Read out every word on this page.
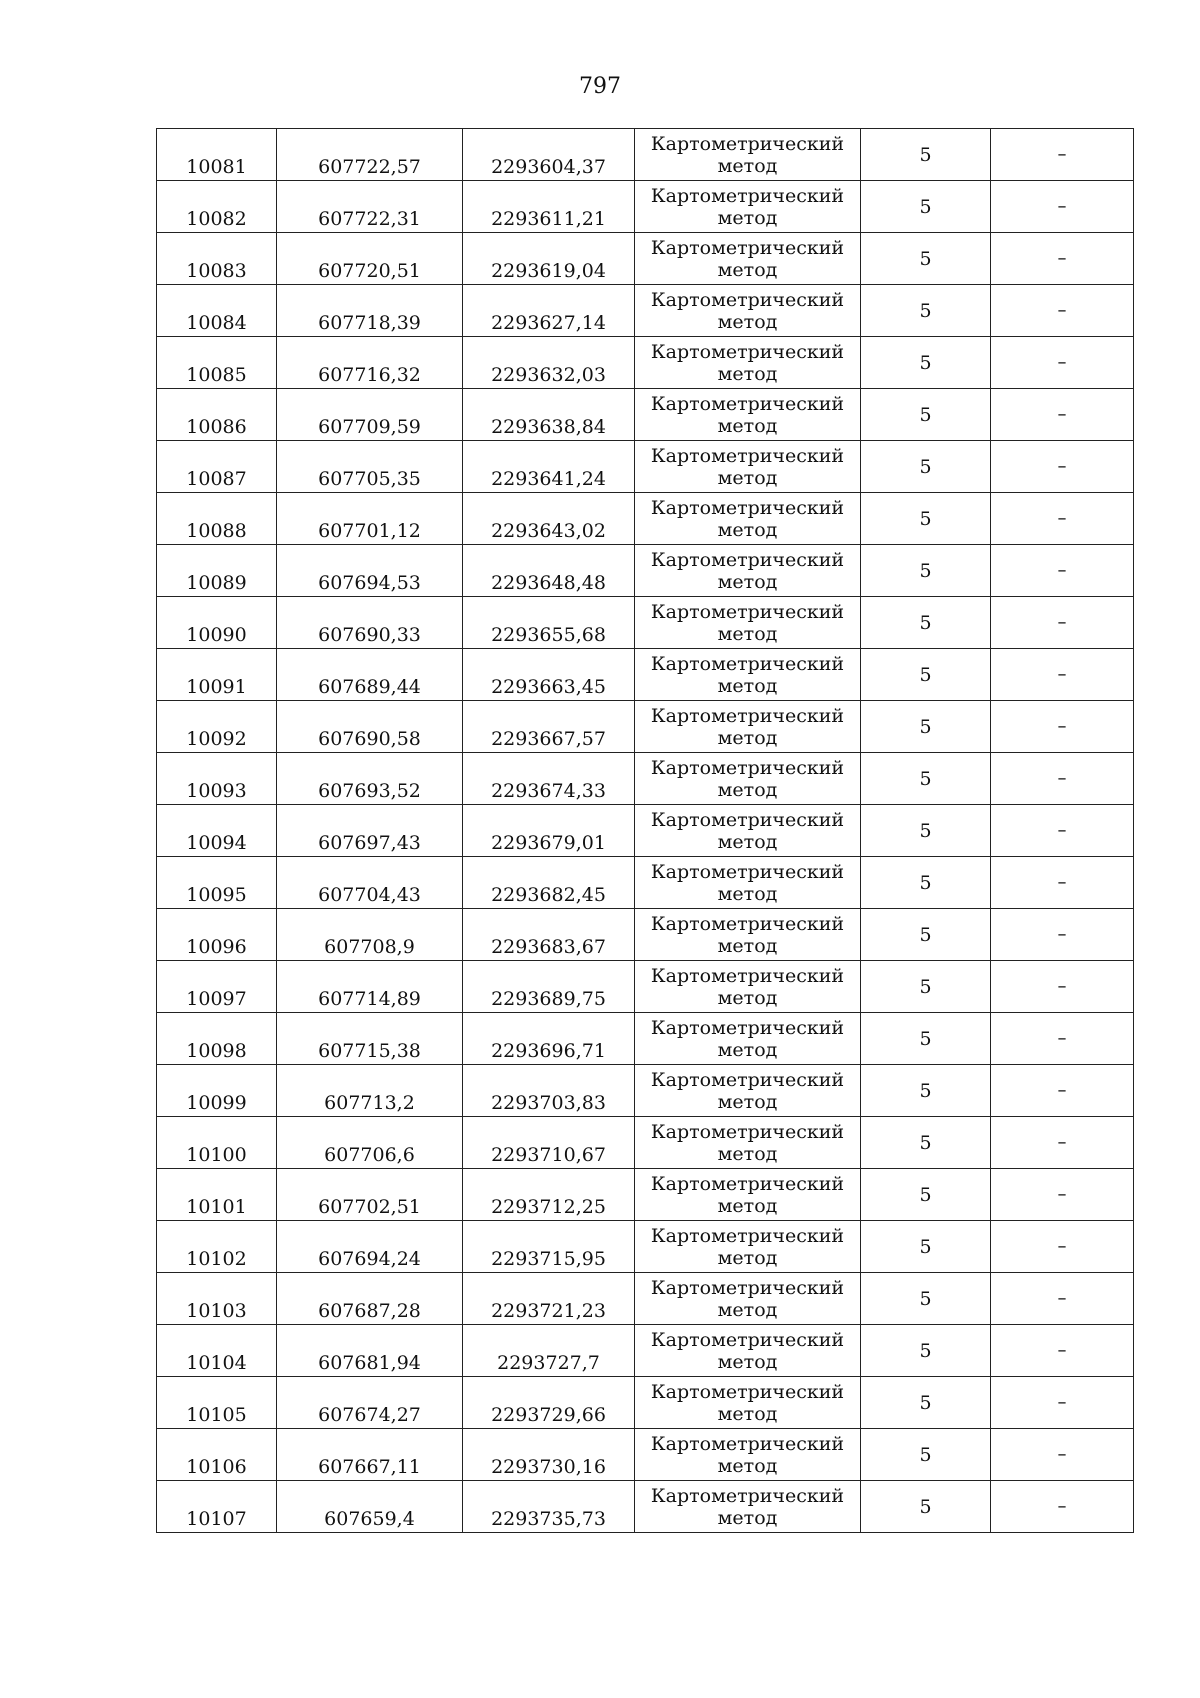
797
10081	607722,57	2293604,37	Картометрический
метод	5	–

10082	607722,31	2293611,21	Картометрический
метод	5	–

10083	607720,51	2293619,04	Картометрический
метод	5	–

10084	607718,39	2293627,14	Картометрический
метод	5	–

10085	607716,32	2293632,03	Картометрический
метод	5	–

10086	607709,59	2293638,84	Картометрический
метод	5	–

10087	607705,35	2293641,24	Картометрический
метод	5	–

10088	607701,12	2293643,02	Картометрический
метод	5	–

10089	607694,53	2293648,48	Картометрический
метод	5	–

10090	607690,33	2293655,68	Картометрический
метод	5	–

10091	607689,44	2293663,45	Картометрический
метод	5	–

10092	607690,58	2293667,57	Картометрический
метод	5	–

10093	607693,52	2293674,33	Картометрический
метод	5	–

10094	607697,43	2293679,01	Картометрический
метод	5	–

10095	607704,43	2293682,45	Картометрический
метод	5	–

10096	607708,9	2293683,67	Картометрический
метод	5	–

10097	607714,89	2293689,75	Картометрический
метод	5	–

10098	607715,38	2293696,71	Картометрический
метод	5	–

10099	607713,2	2293703,83	Картометрический
метод	5	–

10100	607706,6	2293710,67	Картометрический
метод	5	–

10101	607702,51	2293712,25	Картометрический
метод	5	–

10102	607694,24	2293715,95	Картометрический
метод	5	–

10103	607687,28	2293721,23	Картометрический
метод	5	–

10104	607681,94	2293727,7	Картометрический
метод	5	–

10105	607674,27	2293729,66	Картометрический
метод	5	–

10106	607667,11	2293730,16	Картометрический
метод	5	–

10107	607659,4	2293735,73	Картометрический
метод	5	–
